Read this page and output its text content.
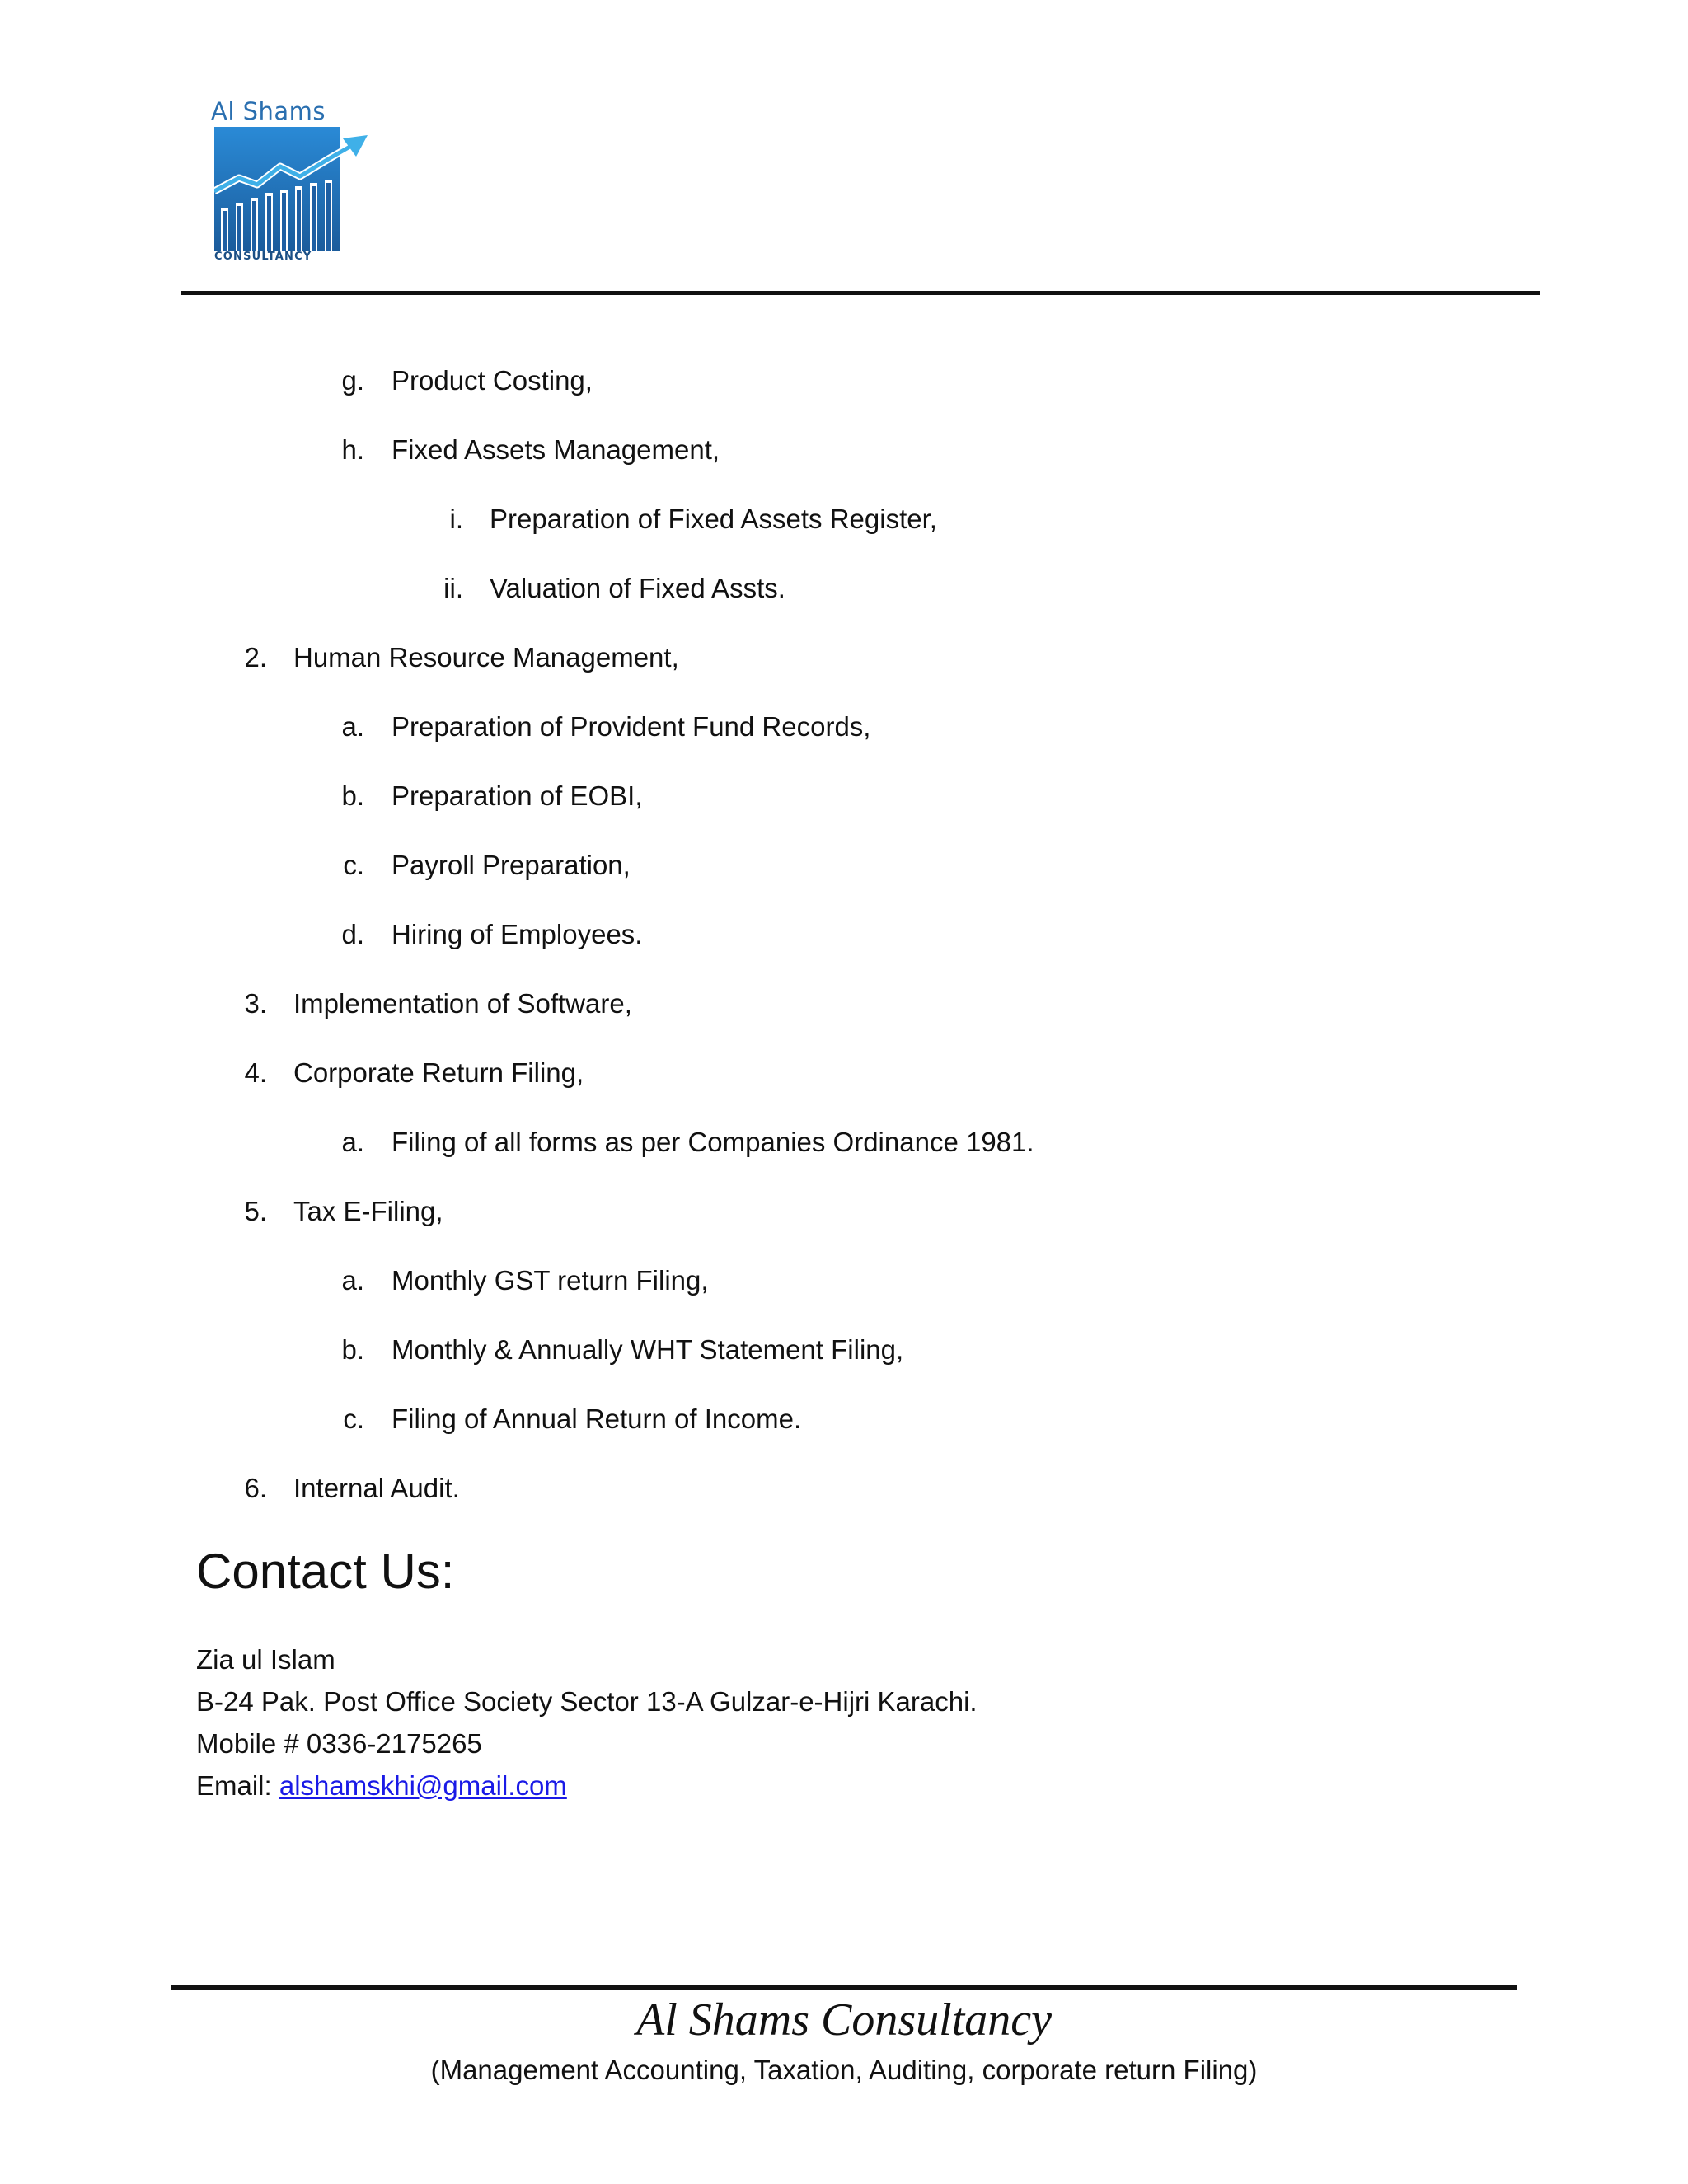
Al Shams
CONSULTANCY
g. Product Costing,
h. Fixed Assets Management,
i. Preparation of Fixed Assets Register,
ii. Valuation of Fixed Assts.
2. Human Resource Management,
a. Preparation of Provident Fund Records,
b. Preparation of EOBI,
c. Payroll Preparation,
d. Hiring of Employees.
3. Implementation of Software,
4. Corporate Return Filing,
a. Filing of all forms as per Companies Ordinance 1981.
5. Tax E-Filing,
a. Monthly GST return Filing,
b. Monthly & Annually WHT Statement Filing,
c. Filing of Annual Return of Income.
6. Internal Audit.
Contact Us:
Zia ul Islam
B-24 Pak. Post Office Society Sector 13-A Gulzar-e-Hijri Karachi.
Mobile # 0336-2175265
Email: alshamskhi@gmail.com
Al Shams Consultancy
(Management Accounting, Taxation, Auditing, corporate return Filing)
